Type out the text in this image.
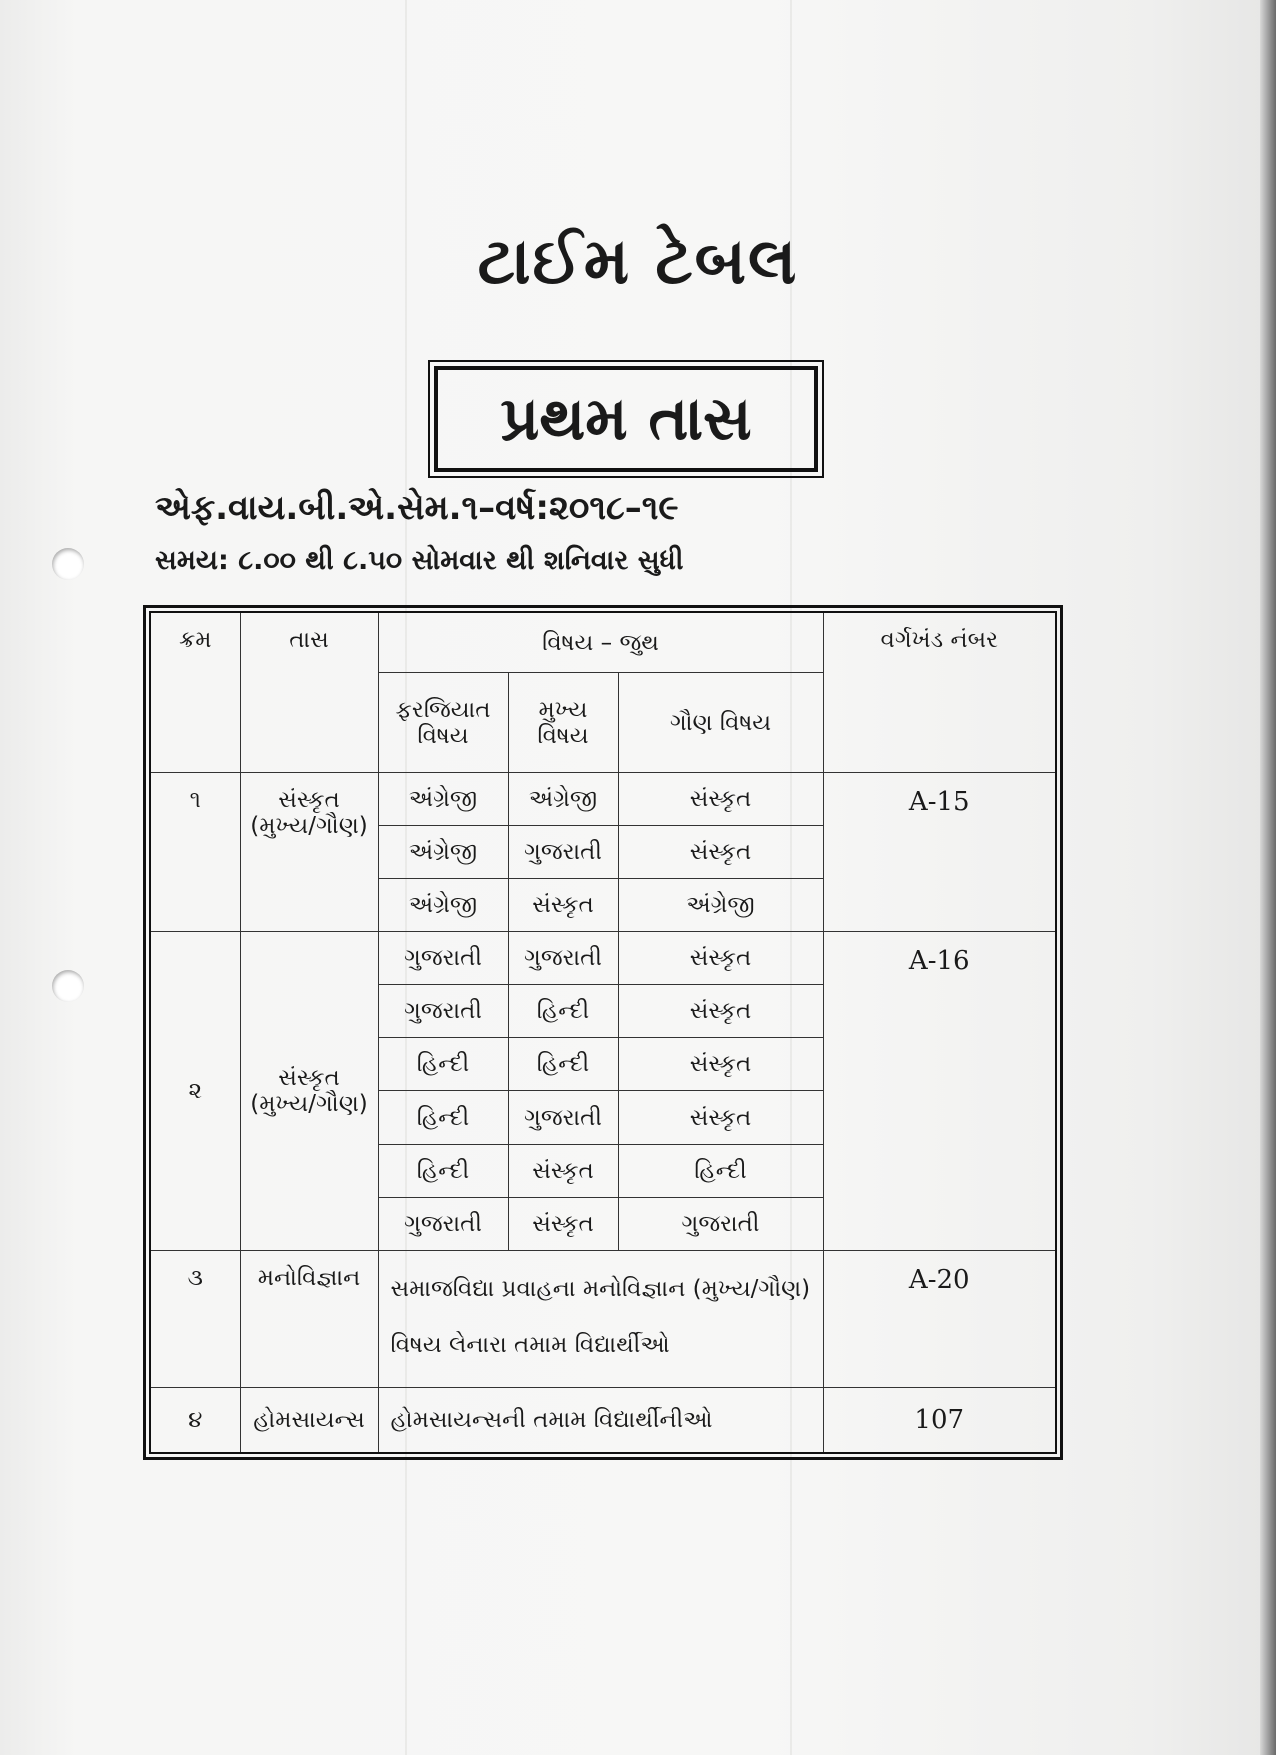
ટાઈમ ટેબલ
પ્રથમ તાસ
એફ.વાય.બી.એ.સેમ.૧–વર્ષ:૨૦૧૮–૧૯
સમય: ૮.૦૦ થી ૮.૫૦ સોમવાર થી શનિવાર સુધી
ક્રમ	તાસ	વિષય – જુથ			વર્ગખંડ નંબર
		ફરજિયાત વિષય	મુખ્ય વિષય	ગૌણ વિષય	
૧	સંસ્કૃત (મુખ્ય/ગૌણ)	અંગ્રેજી	અંગ્રેજી	સંસ્કૃત	A-15
		અંગ્રેજી	ગુજરાતી	સંસ્કૃત	
		અંગ્રેજી	સંસ્કૃત	અંગ્રેજી	
૨	સંસ્કૃત (મુખ્ય/ગૌણ)	ગુજરાતી	ગુજરાતી	સંસ્કૃત	A-16
		ગુજરાતી	હિન્દી	સંસ્કૃત	
		હિન્દી	હિન્દી	સંસ્કૃત	
		હિન્દી	ગુજરાતી	સંસ્કૃત	
		હિન્દી	સંસ્કૃત	હિન્દી	
		ગુજરાતી	સંસ્કૃત	ગુજરાતી	
૩	મનોવિજ્ઞાન	સમાજવિદ્યા પ્રવાહના મનોવિજ્ઞાન (મુખ્ય/ગૌણ) વિષય લેનારા તમામ વિદ્યાર્થીઓ			A-20
૪	હોમસાયન્સ	હોમસાયન્સની તમામ વિદ્યાર્થીનીઓ			107
